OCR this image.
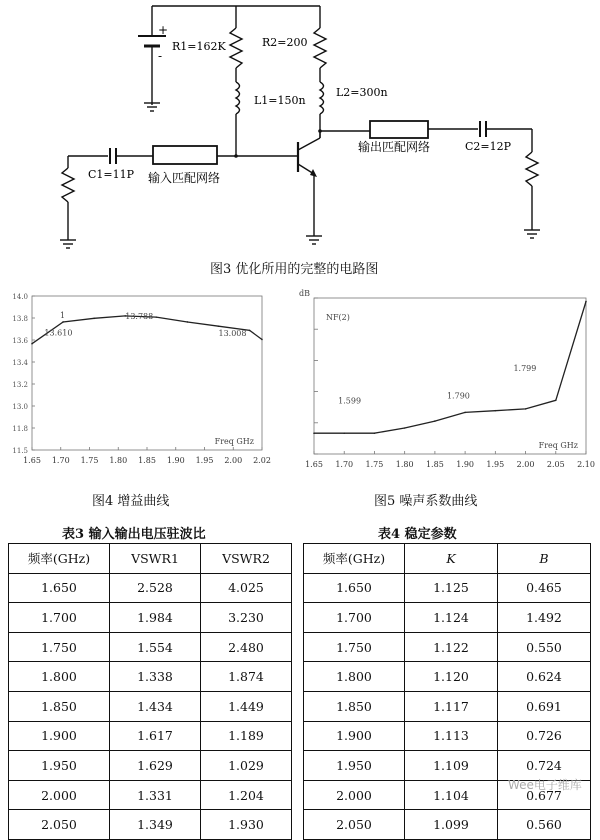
+
-
R1=162K	R2=200
L1=150n
L2=300n
C1=11P
C2=12P
输入匹配网络
输出匹配网络
图3 优化所用的完整的电路图
1.65 1.70 1.75 1.80 1.85 1.90 1.95 2.00 2.02
14.0
13.8
13.6
13.4
13.2
13.0
11.8
11.5
13.610
13.788
13.008
Freq GHz
1
图4 增益曲线
1.65 1.70 1.75 1.80 1.85 1.90 1.95 2.00 2.05 2.10
1.599
1.790
1.799
Freq GHz
dB
NF(2)
图5 噪声系数曲线
表3 输入输出电压驻波比
频率(GHz)	VSWR1	VSWR2
1.650	2.528	4.025
1.700	1.984	3.230
1.750	1.554	2.480
1.800	1.338	1.874
1.850	1.434	1.449
1.900	1.617	1.189
1.950	1.629	1.029
2.000	1.331	1.204
2.050	1.349	1.930
表4 稳定参数
频率(GHz)	K	B
1.650	1.125	0.465
1.700	1.124	1.492
1.750	1.122	0.550
1.800	1.120	0.624
1.850	1.117	0.691
1.900	1.113	0.726
1.950	1.109	0.724
2.000	1.104	0.677
2.050	1.099	0.560
Wee电子维库
